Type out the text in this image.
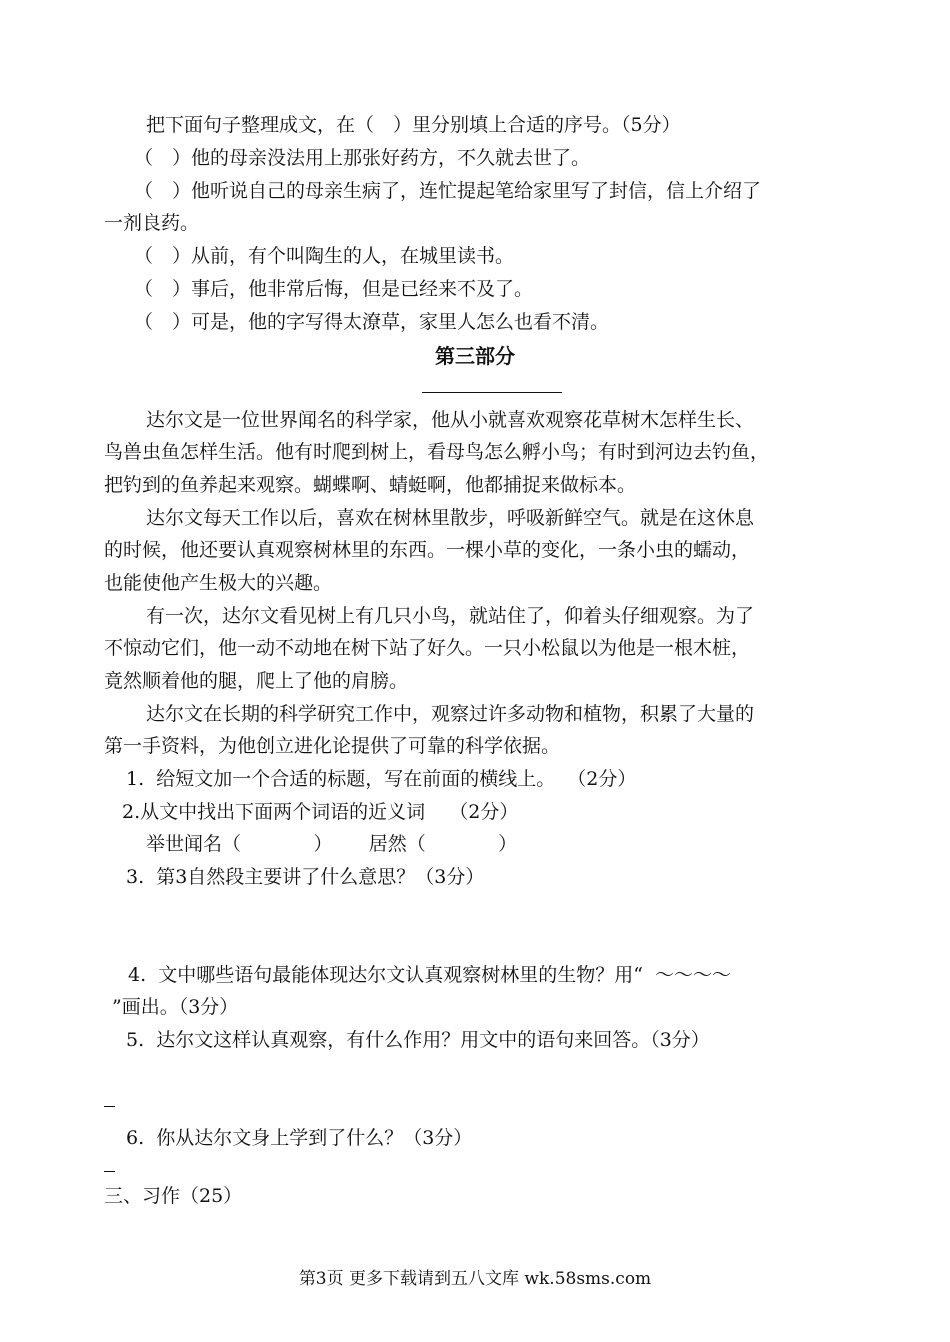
把下面句子整理成文，在（　）里分别填上合适的序号。（5分）
（　）他的母亲没法用上那张好药方，不久就去世了。
（　）他听说自己的母亲生病了，连忙提起笔给家里写了封信，信上介绍了
一剂良药。
（　）从前，有个叫陶生的人，在城里读书。
（　）事后，他非常后悔，但是已经来不及了。
（　）可是，他的字写得太潦草，家里人怎么也看不清。
第三部分
达尔文是一位世界闻名的科学家，他从小就喜欢观察花草树木怎样生长、
鸟兽虫鱼怎样生活。他有时爬到树上，看母鸟怎么孵小鸟；有时到河边去钓鱼，
把钓到的鱼养起来观察。蝴蝶啊、蜻蜓啊，他都捕捉来做标本。
达尔文每天工作以后，喜欢在树林里散步，呼吸新鲜空气。就是在这休息
的时候，他还要认真观察树林里的东西。一棵小草的变化，一条小虫的蠕动，
也能使他产生极大的兴趣。
有一次，达尔文看见树上有几只小鸟，就站住了，仰着头仔细观察。为了
不惊动它们，他一动不动地在树下站了好久。一只小松鼠以为他是一根木桩，
竟然顺着他的腿，爬上了他的肩膀。
达尔文在长期的科学研究工作中，观察过许多动物和植物，积累了大量的
第一手资料，为他创立进化论提供了可靠的科学依据。
1.  给短文加一个合适的标题，写在前面的横线上。  （2分）
2.从文中找出下面两个词语的近义词    （2分）
举世闻名（            ）      居然（            ）
3.  第3自然段主要讲了什么意思？（3分）
4.  文中哪些语句最能体现达尔文认真观察树林里的生物？用“  ～～～～
”画出。（3分）
5.  达尔文这样认真观察，有什么作用？用文中的语句来回答。（3分）
6.  你从达尔文身上学到了什么？（3分）
三、习作（25）
第3页 更多下载请到五八文库 wk.58sms.com
